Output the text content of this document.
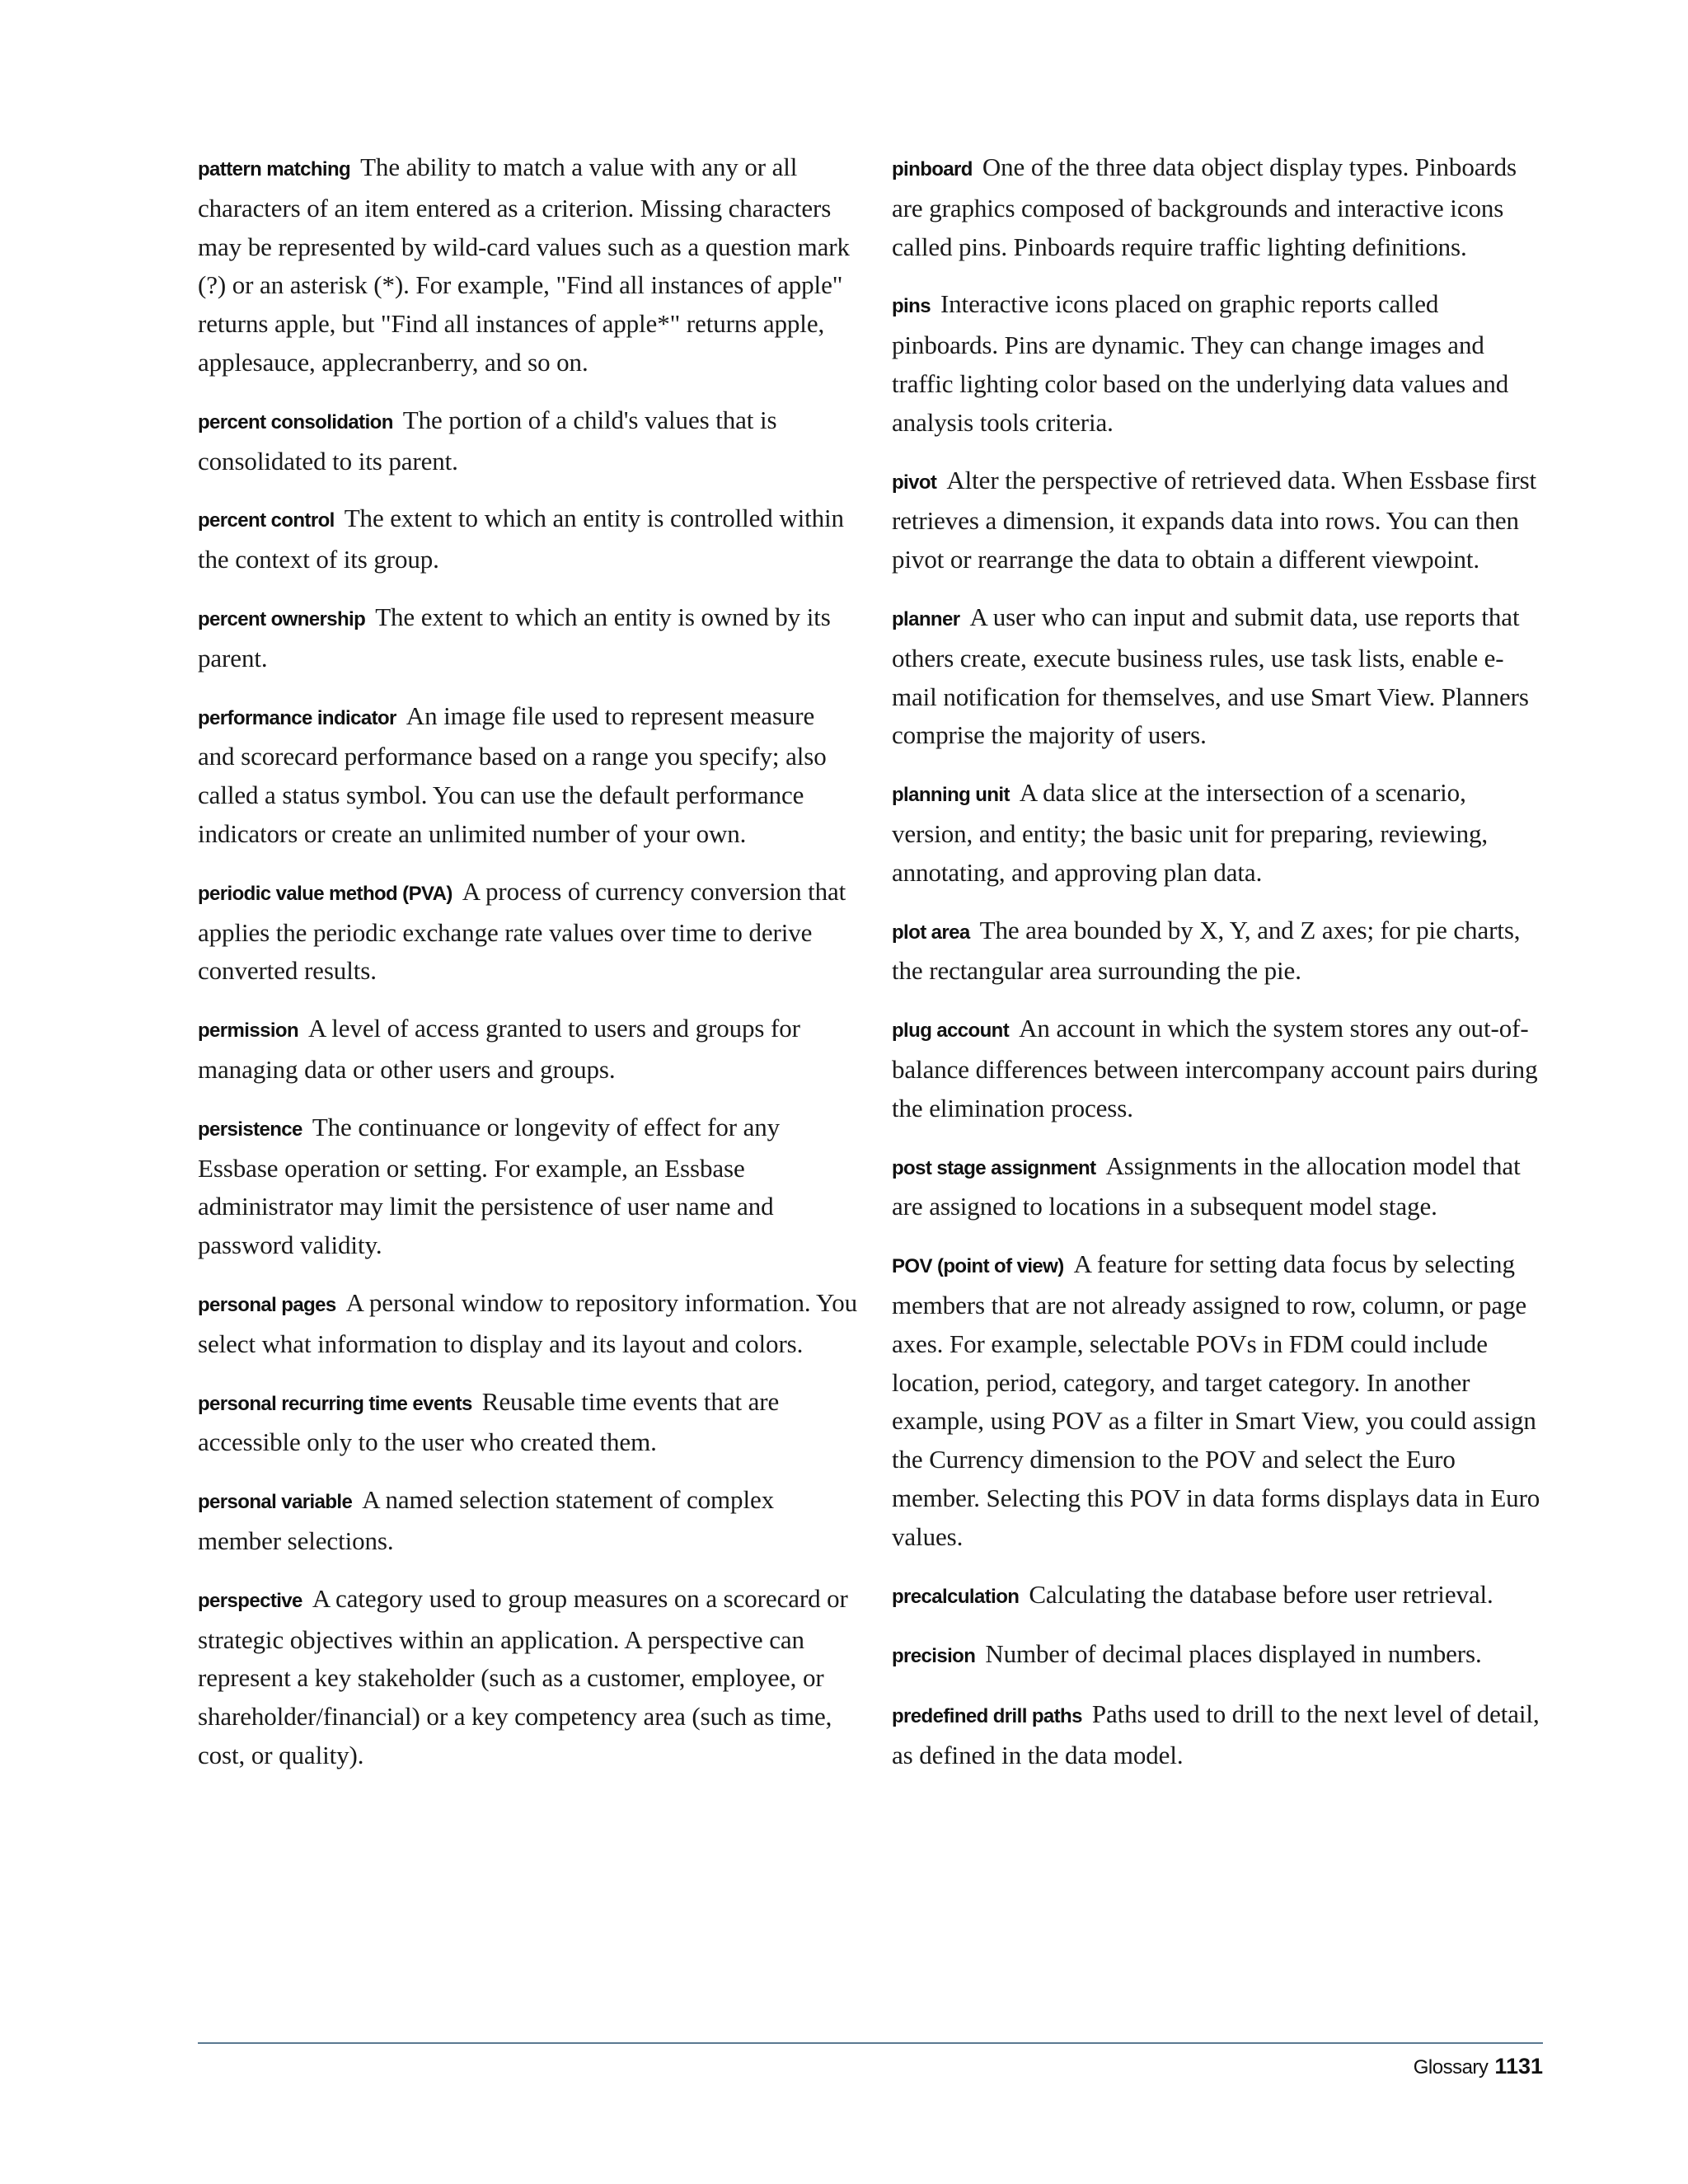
pattern matching The ability to match a value with any or all characters of an item entered as a criterion. Missing characters may be represented by wild-card values such as a question mark (?) or an asterisk (*). For example, "Find all instances of apple" returns apple, but "Find all instances of apple*" returns apple, applesauce, applecranberry, and so on.

percent consolidation The portion of a child's values that is consolidated to its parent.

percent control The extent to which an entity is controlled within the context of its group.

percent ownership The extent to which an entity is owned by its parent.

performance indicator An image file used to represent measure and scorecard performance based on a range you specify; also called a status symbol. You can use the default performance indicators or create an unlimited number of your own.

periodic value method (PVA) A process of currency conversion that applies the periodic exchange rate values over time to derive converted results.

permission A level of access granted to users and groups for managing data or other users and groups.

persistence The continuance or longevity of effect for any Essbase operation or setting. For example, an Essbase administrator may limit the persistence of user name and password validity.

personal pages A personal window to repository information. You select what information to display and its layout and colors.

personal recurring time events Reusable time events that are accessible only to the user who created them.

personal variable A named selection statement of complex member selections.

perspective A category used to group measures on a scorecard or strategic objectives within an application. A perspective can represent a key stakeholder (such as a customer, employee, or shareholder/financial) or a key competency area (such as time, cost, or quality).

pinboard One of the three data object display types. Pinboards are graphics composed of backgrounds and interactive icons called pins. Pinboards require traffic lighting definitions.

pins Interactive icons placed on graphic reports called pinboards. Pins are dynamic. They can change images and traffic lighting color based on the underlying data values and analysis tools criteria.

pivot Alter the perspective of retrieved data. When Essbase first retrieves a dimension, it expands data into rows. You can then pivot or rearrange the data to obtain a different viewpoint.

planner A user who can input and submit data, use reports that others create, execute business rules, use task lists, enable e-mail notification for themselves, and use Smart View. Planners comprise the majority of users.

planning unit A data slice at the intersection of a scenario, version, and entity; the basic unit for preparing, reviewing, annotating, and approving plan data.

plot area The area bounded by X, Y, and Z axes; for pie charts, the rectangular area surrounding the pie.

plug account An account in which the system stores any out-of-balance differences between intercompany account pairs during the elimination process.

post stage assignment Assignments in the allocation model that are assigned to locations in a subsequent model stage.

POV (point of view) A feature for setting data focus by selecting members that are not already assigned to row, column, or page axes. For example, selectable POVs in FDM could include location, period, category, and target category. In another example, using POV as a filter in Smart View, you could assign the Currency dimension to the POV and select the Euro member. Selecting this POV in data forms displays data in Euro values.

precalculation Calculating the database before user retrieval.

precision Number of decimal places displayed in numbers.

predefined drill paths Paths used to drill to the next level of detail, as defined in the data model.

Glossary 1131
